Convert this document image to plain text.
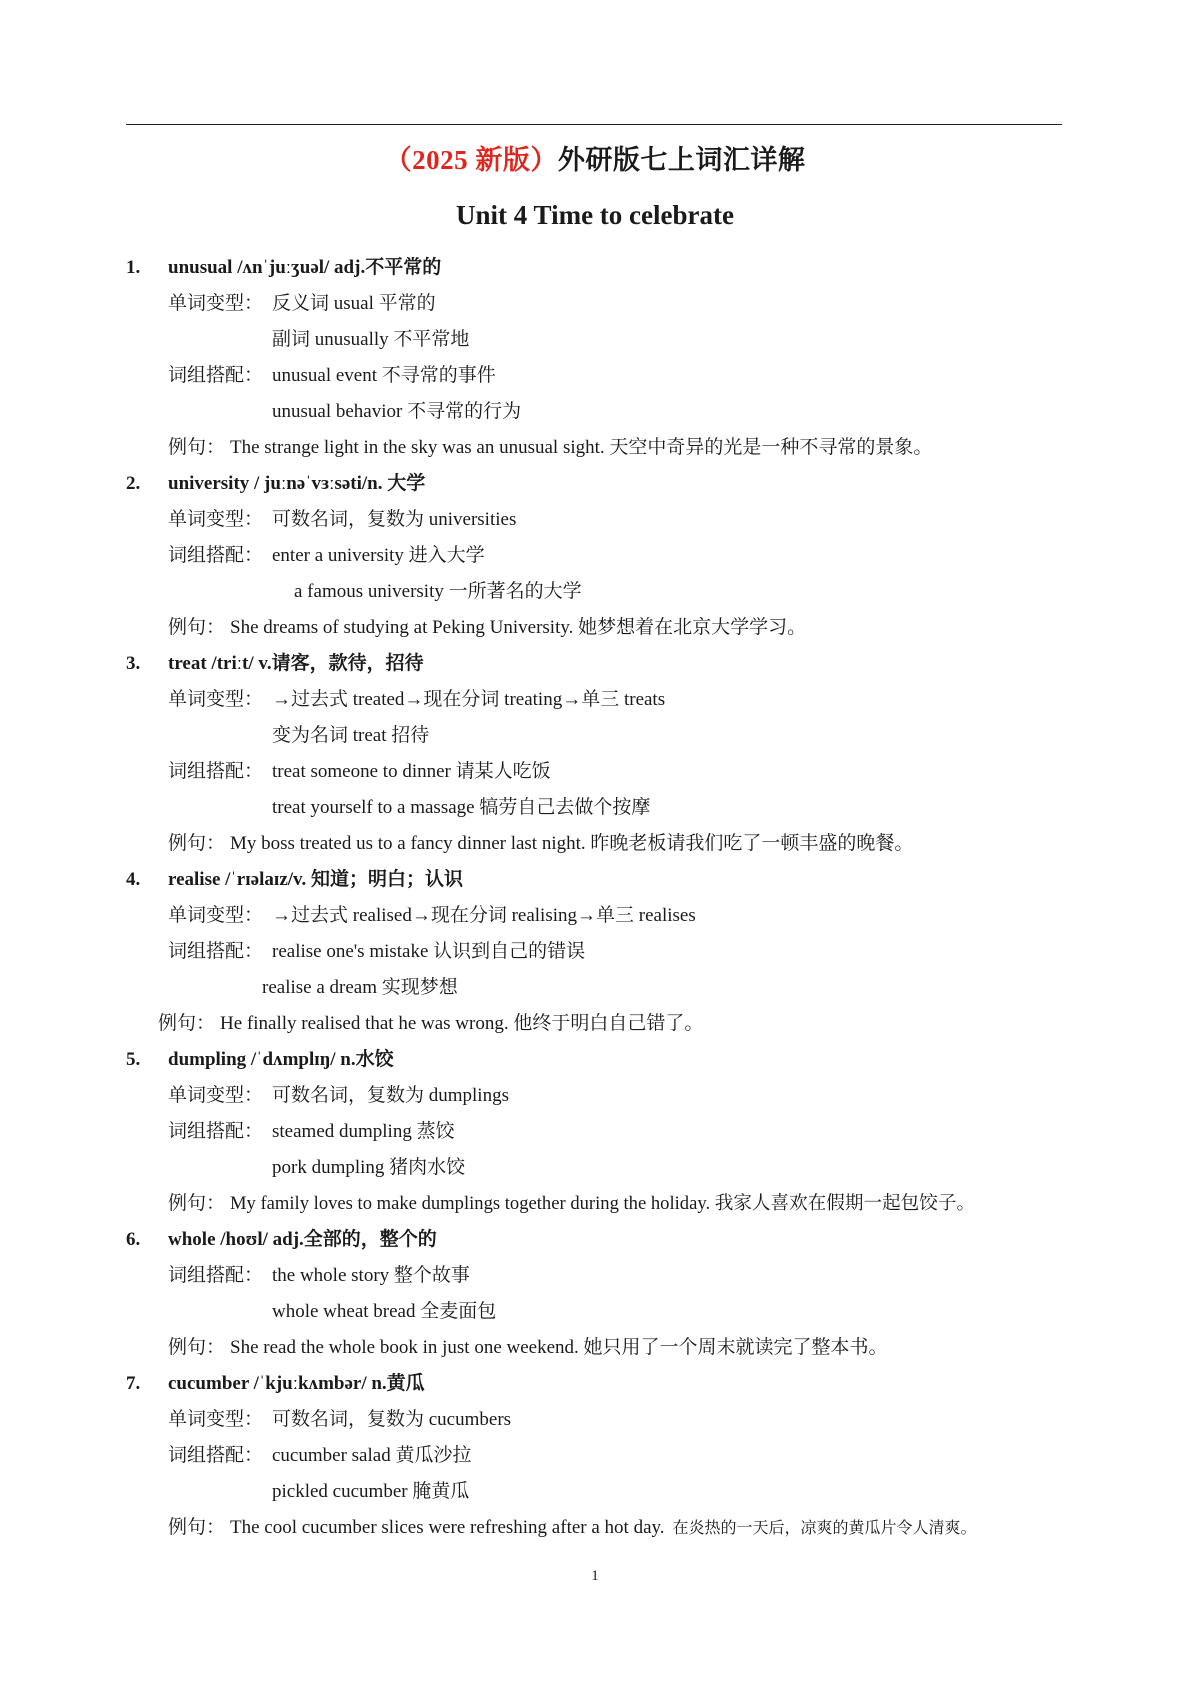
（2025 新版）外研版七上词汇详解
Unit 4 Time to celebrate
1. unusual /ʌnˈjuːʒuəl/ adj.不平常的
单词变型： 反义词 usual 平常的
副词 unusually 不平常地
词组搭配： unusual event 不寻常的事件
unusual behavior 不寻常的行为
例句： The strange light in the sky was an unusual sight. 天空中奇异的光是一种不寻常的景象。
2. university / juːnəˈvɜːsəti/n. 大学
单词变型： 可数名词，复数为 universities
词组搭配： enter a university 进入大学
a famous university 一所著名的大学
例句： She dreams of studying at Peking University. 她梦想着在北京大学学习。
3. treat /triːt/ v.请客，款待，招待
单词变型： →过去式 treated→现在分词 treating→单三 treats
变为名词 treat 招待
词组搭配： treat someone to dinner 请某人吃饭
treat yourself to a massage 犒劳自己去做个按摩
例句： My boss treated us to a fancy dinner last night. 昨晚老板请我们吃了一顿丰盛的晚餐。
4. realise /ˈrɪəlaɪz/v. 知道；明白；认识
单词变型： →过去式 realised→现在分词 realising→单三 realises
词组搭配： realise one's mistake 认识到自己的错误
realise a dream 实现梦想
例句： He finally realised that he was wrong. 他终于明白自己错了。
5. dumpling /ˈdʌmplɪŋ/ n.水饺
单词变型： 可数名词，复数为 dumplings
词组搭配： steamed dumpling 蒸饺
pork dumpling 猪肉水饺
例句： My family loves to make dumplings together during the holiday. 我家人喜欢在假期一起包饺子。
6. whole /hoʊl/ adj.全部的，整个的
词组搭配： the whole story 整个故事
whole wheat bread 全麦面包
例句： She read the whole book in just one weekend. 她只用了一个周末就读完了整本书。
7. cucumber /ˈkjuːkʌmbər/ n.黄瓜
单词变型： 可数名词，复数为 cucumbers
词组搭配： cucumber salad 黄瓜沙拉
pickled cucumber 腌黄瓜
例句： The cool cucumber slices were refreshing after a hot day. 在炎热的一天后，凉爽的黄瓜片令人清爽。
1
